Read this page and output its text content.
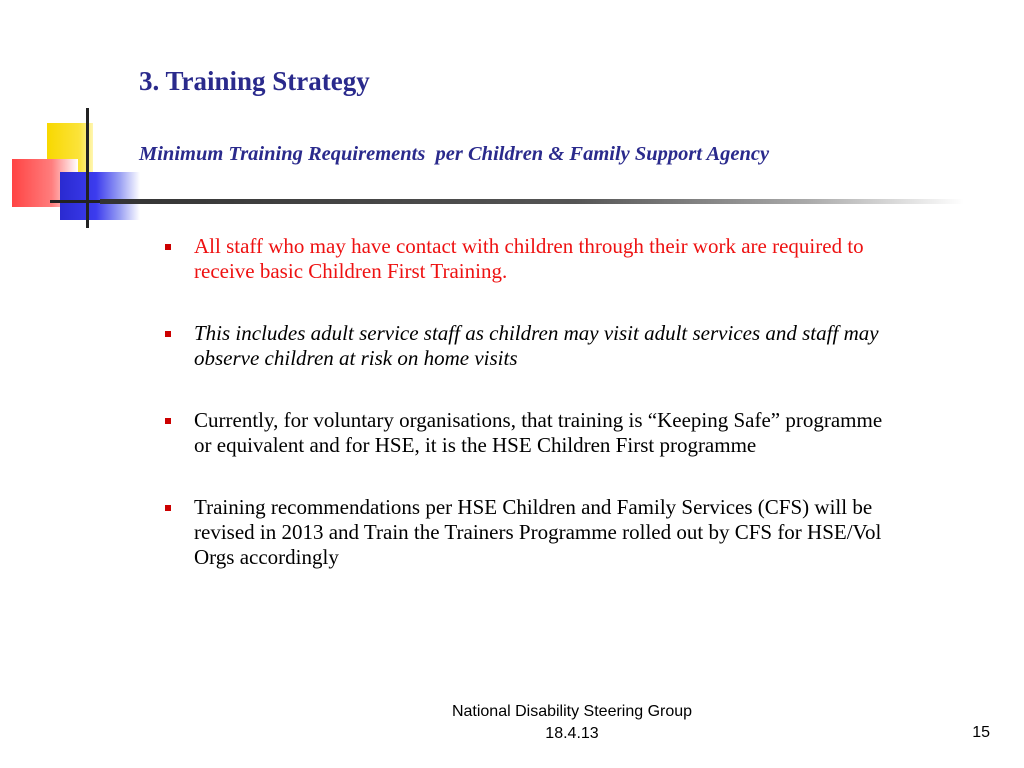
3. Training Strategy
Minimum Training Requirements  per Children & Family Support Agency
All staff who may have contact with children through their work are required to receive basic Children First Training.
This includes adult service staff as children may visit adult services and staff may observe children at risk on home visits
Currently, for voluntary organisations, that training is “Keeping Safe” programme or equivalent and for HSE, it is the HSE Children First programme
Training recommendations per HSE Children and Family Services (CFS) will be revised in 2013 and Train the Trainers Programme rolled out by CFS for HSE/Vol Orgs accordingly
National Disability Steering Group
18.4.13	15
